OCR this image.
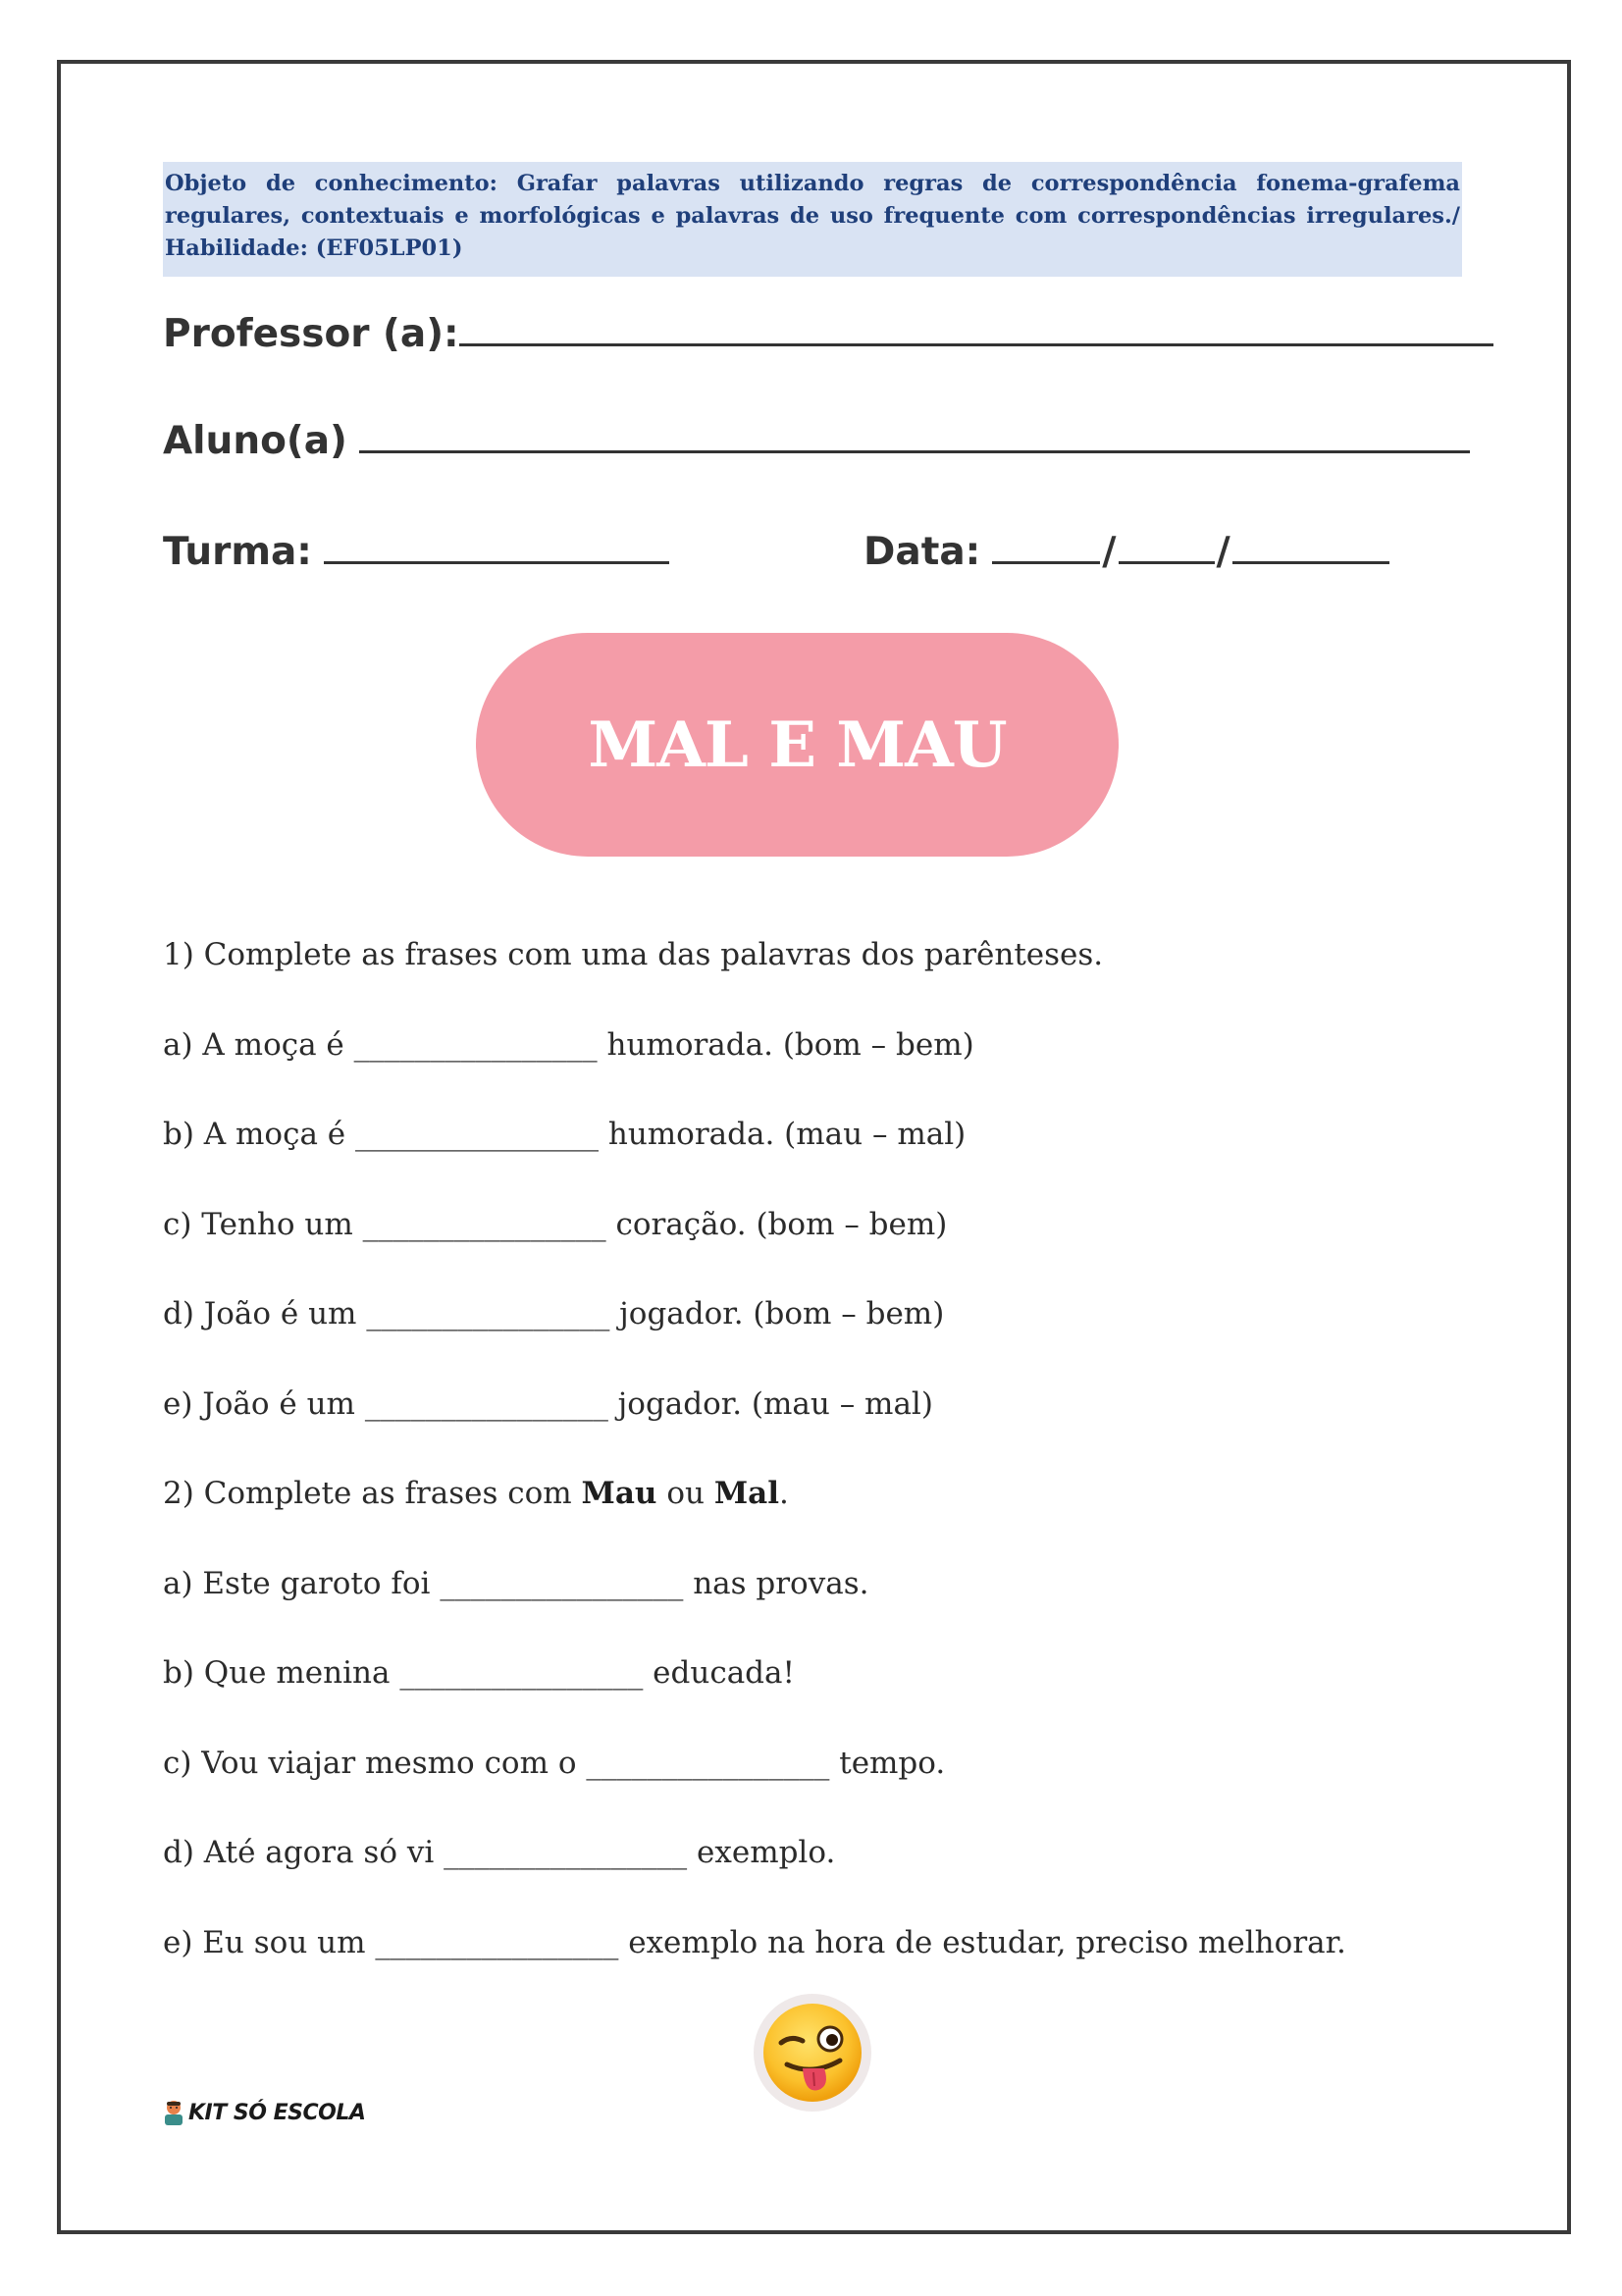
Objeto de conhecimento: Grafar palavras utilizando regras de correspondência fonema-grafema regulares, contextuais e morfológicas e palavras de uso frequente com correspondências irregulares./ Habilidade: (EF05LP01)
Professor (a):
Aluno(a)
Turma:	Data:	/	/
MAL E MAU
1) Complete as frases com uma das palavras dos parênteses.
a) A moça é ________________ humorada. (bom – bem)
b) A moça é ________________ humorada. (mau – mal)
c) Tenho um ________________ coração. (bom – bem)
d) João é um ________________ jogador. (bom – bem)
e) João é um ________________ jogador. (mau – mal)
2) Complete as frases com Mau ou Mal.
a) Este garoto foi ________________ nas provas.
b) Que menina ________________ educada!
c) Vou viajar mesmo com o ________________ tempo.
d) Até agora só vi ________________ exemplo.
e) Eu sou um ________________ exemplo na hora de estudar, preciso melhorar.
KIT SÓ ESCOLA
